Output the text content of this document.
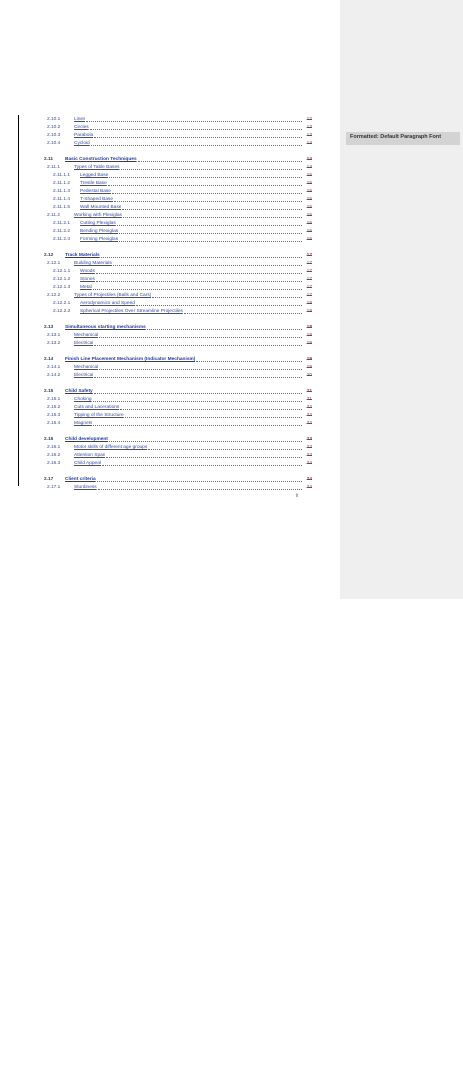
Formatted: Default Paragraph Font
2.10.1	Lines	12
2.10.2	Circles	13
2.10.3	Parabola	13
2.10.4	Cycloid	14
2.11 Basic Construction Techniques	14
2.11.1	Types of Table Bases	14
2.11.1.1 Legged Base	15
2.11.1.2 Trestle Base	15
2.11.1.3 Pedestal Base	15
2.11.1.4 T-Shaped Base	15
2.11.1.5 Wall Mounted Base	15
2.11.2	Working with Plexiglas	15
2.11.2.1 Cutting Plexiglas	16
2.11.2.2 Bending Plexiglas	16
2.11.2.3 Forming Plexiglas	16
2.12 Track Materials	17
2.12.1	Building Materials	17
2.12.1.1 Woods	17
2.12.1.2 Stones	17
2.12.1.3 Metal	17
2.12.2	Types of Projectiles (Balls and Cars)	17
2.12.2.1 Aerodynamics and Speed	18
2.12.2.2 Spherical Projectiles Over Streamline Projectiles	18
2.13 Simultaneous starting mechanisms	18
2.13.1	Mechanical	18
2.13.2	Electrical	19
2.14 Finish Line Placement Mechanism (Indicator Mechanism)	19
2.14.1	Mechanical	19
2.14.2	Electrical	20
2.15 Child Safety	21
2.15.1	Choking	21
2.15.2	Cuts and Lacerations	22
2.15.3	Tipping of the Structure	22
2.15.4	Magnets	22
2.16 Child development	23
2.16.1	Motor skills of different age groups	23
2.16.2	Attention Span	23
2.16.3	Child Appeal	24
2.17 Client criteria	24
2.17.1	Sturdiness	24
ii
